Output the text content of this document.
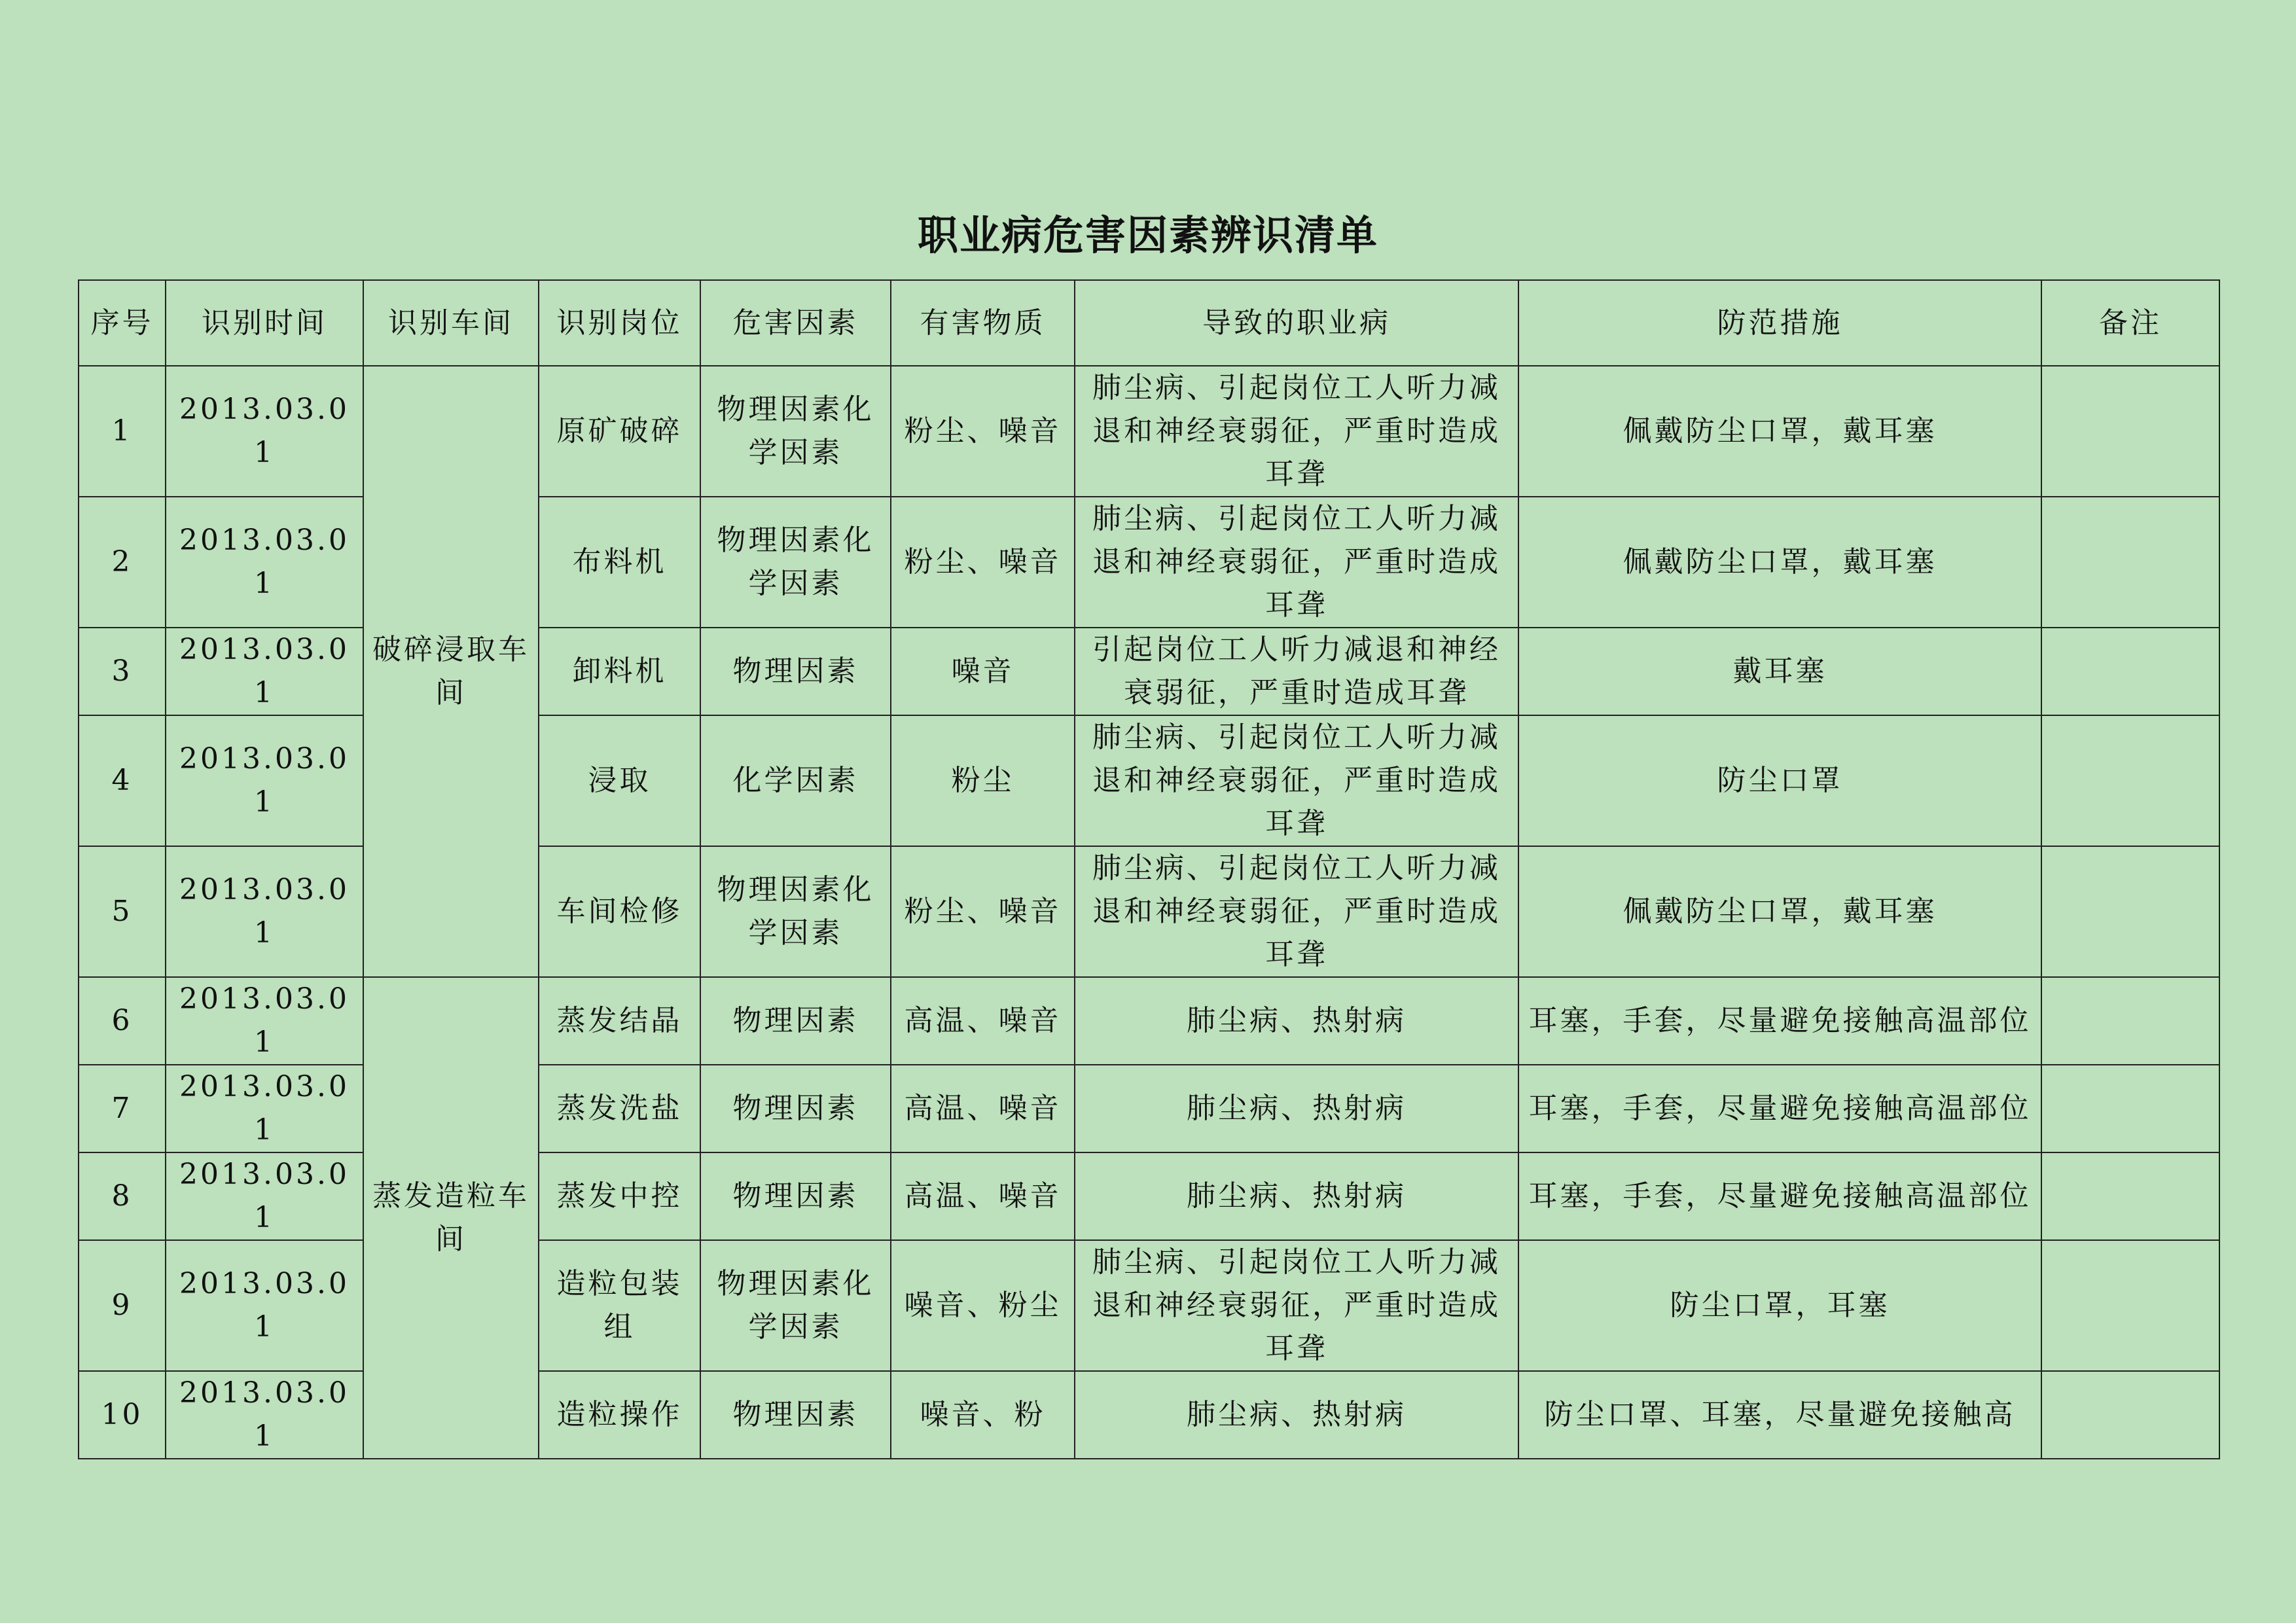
职业病危害因素辨识清单
序号	识别时间	识别车间	识别岗位	危害因素	有害物质	导致的职业病	防范措施	备注
1	2013.03.01	破碎浸取车间	原矿破碎	物理因素化学因素	粉尘、噪音	肺尘病、引起岗位工人听力减退和神经衰弱征，严重时造成耳聋	佩戴防尘口罩，戴耳塞	
2	2013.03.01		布料机	物理因素化学因素	粉尘、噪音	肺尘病、引起岗位工人听力减退和神经衰弱征，严重时造成耳聋	佩戴防尘口罩，戴耳塞	
3	2013.03.01		卸料机	物理因素	噪音	引起岗位工人听力减退和神经衰弱征，严重时造成耳聋	戴耳塞	
4	2013.03.01		浸取	化学因素	粉尘	肺尘病、引起岗位工人听力减退和神经衰弱征，严重时造成耳聋	防尘口罩	
5	2013.03.01		车间检修	物理因素化学因素	粉尘、噪音	肺尘病、引起岗位工人听力减退和神经衰弱征，严重时造成耳聋	佩戴防尘口罩，戴耳塞	
6	2013.03.01	蒸发造粒车间	蒸发结晶	物理因素	高温、噪音	肺尘病、热射病	耳塞，手套，尽量避免接触高温部位	
7	2013.03.01		蒸发洗盐	物理因素	高温、噪音	肺尘病、热射病	耳塞，手套，尽量避免接触高温部位	
8	2013.03.01		蒸发中控	物理因素	高温、噪音	肺尘病、热射病	耳塞，手套，尽量避免接触高温部位	
9	2013.03.01		造粒包装组	物理因素化学因素	噪音、粉尘	肺尘病、引起岗位工人听力减退和神经衰弱征，严重时造成耳聋	防尘口罩，耳塞	
10	2013.03.01		造粒操作	物理因素	噪音、粉	肺尘病、热射病	防尘口罩、耳塞，尽量避免接触高	
